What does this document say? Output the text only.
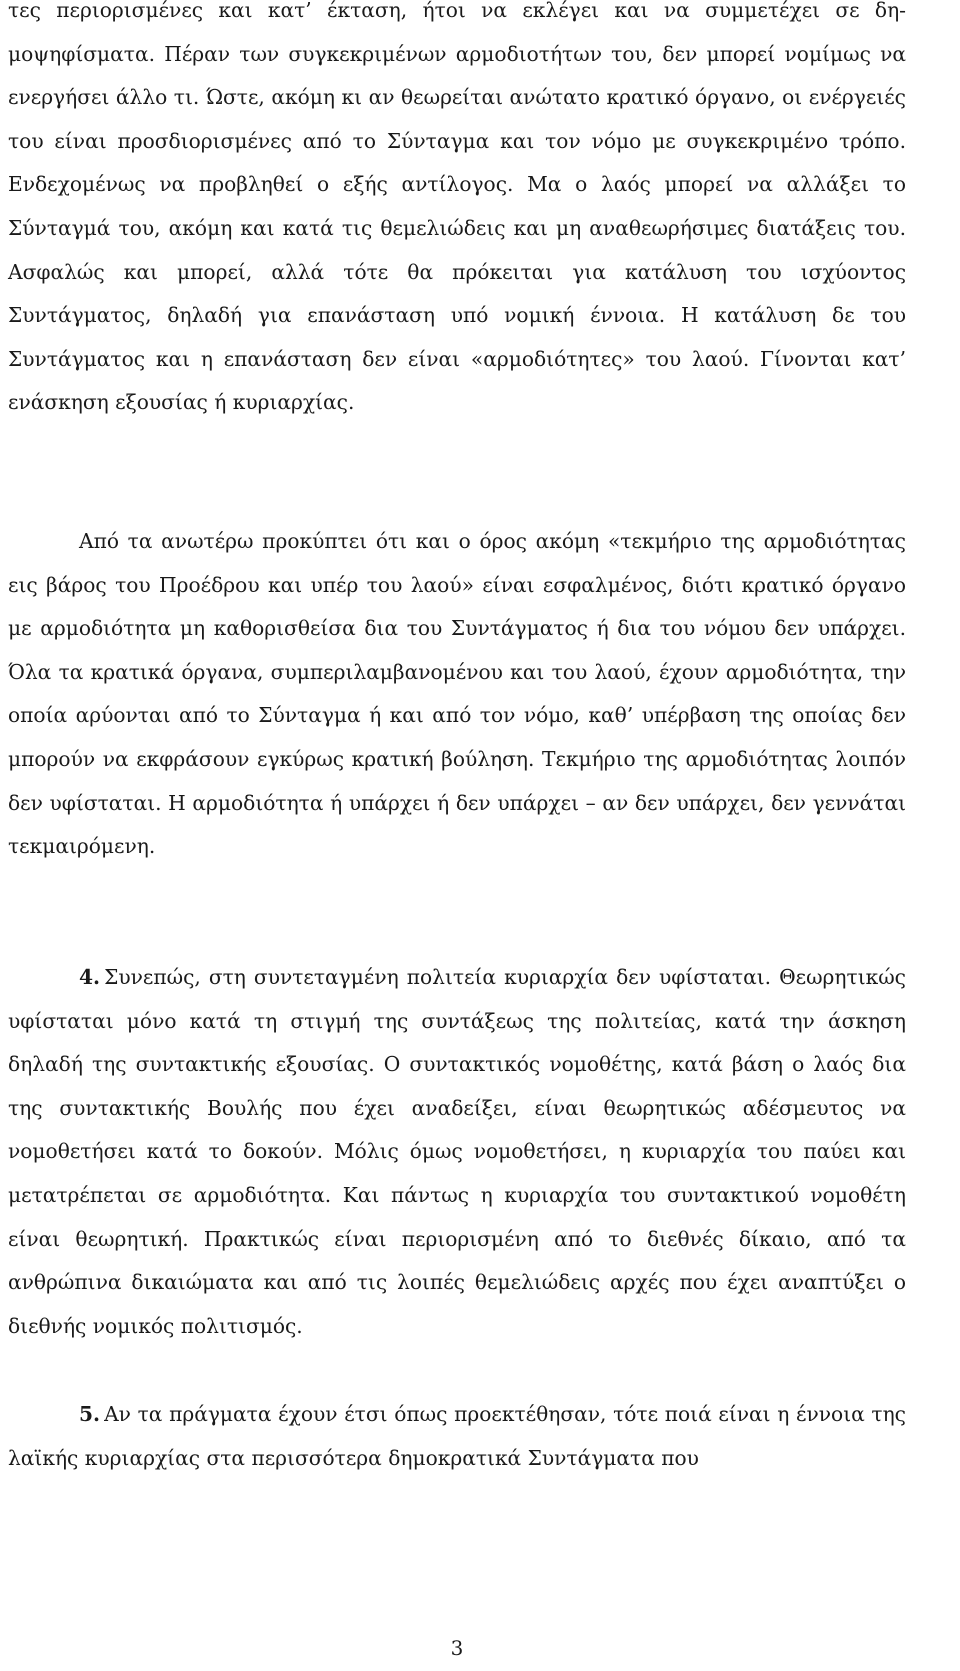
τες περιορισμένες και κατ’ έκταση, ήτοι να εκλέγει και να συμμετέχει σε δημοψηφίσματα. Πέραν των συγκεκριμένων αρμοδιοτήτων του, δεν μπορεί νομίμως να ενεργήσει άλλο τι. Ώστε, ακόμη κι αν θεωρείται ανώτατο κρατικό όργανο, οι ενέργειές του είναι προσδιορισμένες από το Σύνταγμα και τον νόμο με συγκεκριμένο τρόπο. Ενδεχομένως να προβληθεί ο εξής αντίλογος. Μα ο λαός μπορεί να αλλάξει το Σύνταγμά του, ακόμη και κατά τις θεμελιώδεις και μη αναθεωρήσιμες διατάξεις του. Ασφαλώς και μπορεί, αλλά τότε θα πρόκειται για κατάλυση του ισχύοντος Συντάγματος, δηλαδή για επανάσταση υπό νομική έννοια. Η κατάλυση δε του Συντάγματος και η επανάσταση δεν είναι «αρμοδιότητες» του λαού. Γίνονται κατ’ ενάσκηση εξουσίας ή κυριαρχίας.

Από τα ανωτέρω προκύπτει ότι και ο όρος ακόμη «τεκμήριο της αρμοδιότητας εις βάρος του Προέδρου και υπέρ του λαού» είναι εσφαλμένος, διότι κρατικό όργανο με αρμοδιότητα μη καθορισθείσα δια του Συντάγματος ή δια του νόμου δεν υπάρχει. Όλα τα κρατικά όργανα, συμπεριλαμβανομένου και του λαού, έχουν αρμοδιότητα, την οποία αρύονται από το Σύνταγμα ή και από τον νόμο, καθ’ υπέρβαση της οποίας δεν μπορούν να εκφράσουν εγκύρως κρατική βούληση. Τεκμήριο της αρμοδιότητας λοιπόν δεν υφίσταται. Η αρμοδιότητα ή υπάρχει ή δεν υπάρχει – αν δεν υπάρχει, δεν γεννάται τεκμαιρόμενη.

4. Συνεπώς, στη συντεταγμένη πολιτεία κυριαρχία δεν υφίσταται. Θεωρητικώς υφίσταται μόνο κατά τη στιγμή της συντάξεως της πολιτείας, κατά την άσκηση δηλαδή της συντακτικής εξουσίας. Ο συντακτικός νομοθέτης, κατά βάση ο λαός δια της συντακτικής Βουλής που έχει αναδείξει, είναι θεωρητικώς αδέσμευτος να νομοθετήσει κατά το δοκούν. Μόλις όμως νομοθετήσει, η κυριαρχία του παύει και μετατρέπεται σε αρμοδιότητα. Και πάντως η κυριαρχία του συντακτικού νομοθέτη είναι θεωρητική. Πρακτικώς είναι περιορισμένη από το διεθνές δίκαιο, από τα ανθρώπινα δικαιώματα και από τις λοιπές θεμελιώδεις αρχές που έχει αναπτύξει ο διεθνής νομικός πολιτισμός.

5. Αν τα πράγματα έχουν έτσι όπως προεκτέθησαν, τότε ποιά είναι η έννοια της λαϊκής κυριαρχίας στα περισσότερα δημοκρατικά Συντάγματα που

3
